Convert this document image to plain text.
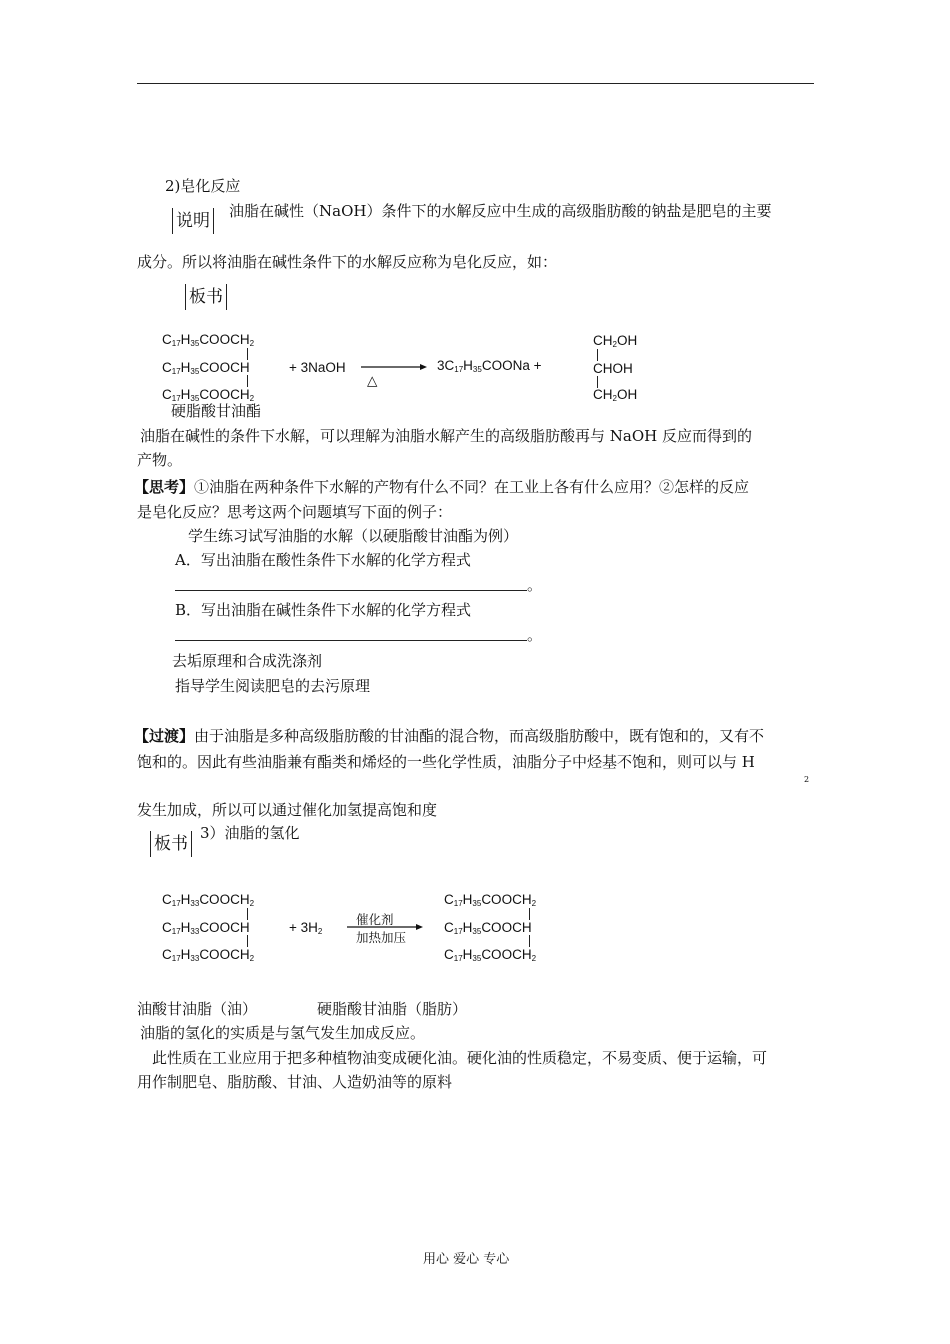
2)皂化反应
说明 油脂在碱性（NaOH）条件下的水解反应中生成的高级脂肪酸的钠盐是肥皂的主要
成分。所以将油脂在碱性条件下的水解反应称为皂化反应，如：
板书
$C_{17}H_{35}COOCH_2$
$C_{17}H_{35}COOCH$
$C_{17}H_{35}COOCH_2$
+ 3NaOH
△
$3C_{17}H_{35}COONa$ +
$CH_2OH$
CHOH
$CH_2OH$
硬脂酸甘油酯
油脂在碱性的条件下水解，可以理解为油脂水解产生的高级脂肪酸再与 NaOH 反应而得到的
产物。
【思考】①油脂在两种条件下水解的产物有什么不同？在工业上各有什么应用？②怎样的反应
是皂化反应？思考这两个问题填写下面的例子：
学生练习试写油脂的水解（以硬脂酸甘油酯为例）
A．写出油脂在酸性条件下水解的化学方程式
。
B．写出油脂在碱性条件下水解的化学方程式
。
去垢原理和合成洗涤剂
指导学生阅读肥皂的去污原理
【过渡】由于油脂是多种高级脂肪酸的甘油酯的混合物，而高级脂肪酸中，既有饱和的，又有不
饱和的。因此有些油脂兼有酯类和烯烃的一些化学性质，油脂分子中烃基不饱和，则可以与 H
2
发生加成，所以可以通过催化加氢提高饱和度
板书
3）油脂的氢化
$C_{17}H_{33}COOCH_2$
$C_{17}H_{33}COOCH$
$C_{17}H_{33}COOCH_2$
+ $3H_2$
催化剂
加热加压
$C_{17}H_{35}COOCH_2$
$C_{17}H_{35}COOCH$
$C_{17}H_{35}COOCH_2$
油酸甘油脂（油）	硬脂酸甘油脂（脂肪）
油脂的氢化的实质是与氢气发生加成反应。
此性质在工业应用于把多种植物油变成硬化油。硬化油的性质稳定，不易变质、便于运输，可
用作制肥皂、脂肪酸、甘油、人造奶油等的原料
用心 爱心 专心
